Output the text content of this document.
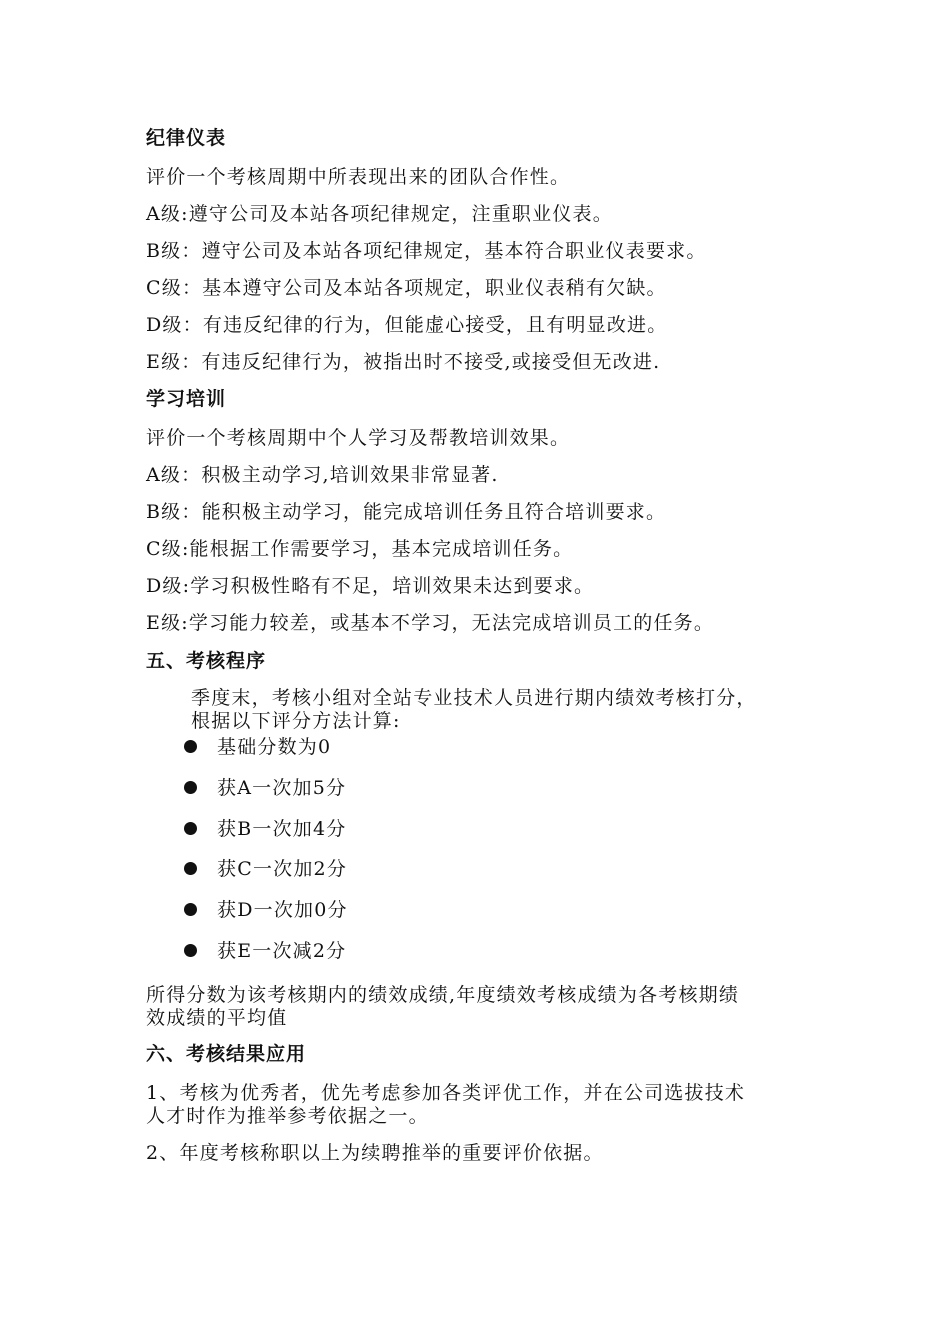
纪律仪表
评价一个考核周期中所表现出来的团队合作性。
A级:遵守公司及本站各项纪律规定，注重职业仪表。
B级：遵守公司及本站各项纪律规定，基本符合职业仪表要求。
C级：基本遵守公司及本站各项规定，职业仪表稍有欠缺。
D级：有违反纪律的行为，但能虚心接受，且有明显改进。
E级：有违反纪律行为，被指出时不接受,或接受但无改进.
学习培训
评价一个考核周期中个人学习及帮教培训效果。
A级：积极主动学习,培训效果非常显著.
B级：能积极主动学习，能完成培训任务且符合培训要求。
C级:能根据工作需要学习，基本完成培训任务。
D级:学习积极性略有不足，培训效果未达到要求。
E级:学习能力较差，或基本不学习，无法完成培训员工的任务。
五、考核程序
季度末，考核小组对全站专业技术人员进行期内绩效考核打分，
根据以下评分方法计算:
基础分数为0
获A一次加5分
获B一次加4分
获C一次加2分
获D一次加0分
获E一次减2分
所得分数为该考核期内的绩效成绩,年度绩效考核成绩为各考核期绩
效成绩的平均值
六、考核结果应用
1、考核为优秀者，优先考虑参加各类评优工作，并在公司选拔技术
人才时作为推举参考依据之一。
2、年度考核称职以上为续聘推举的重要评价依据。
